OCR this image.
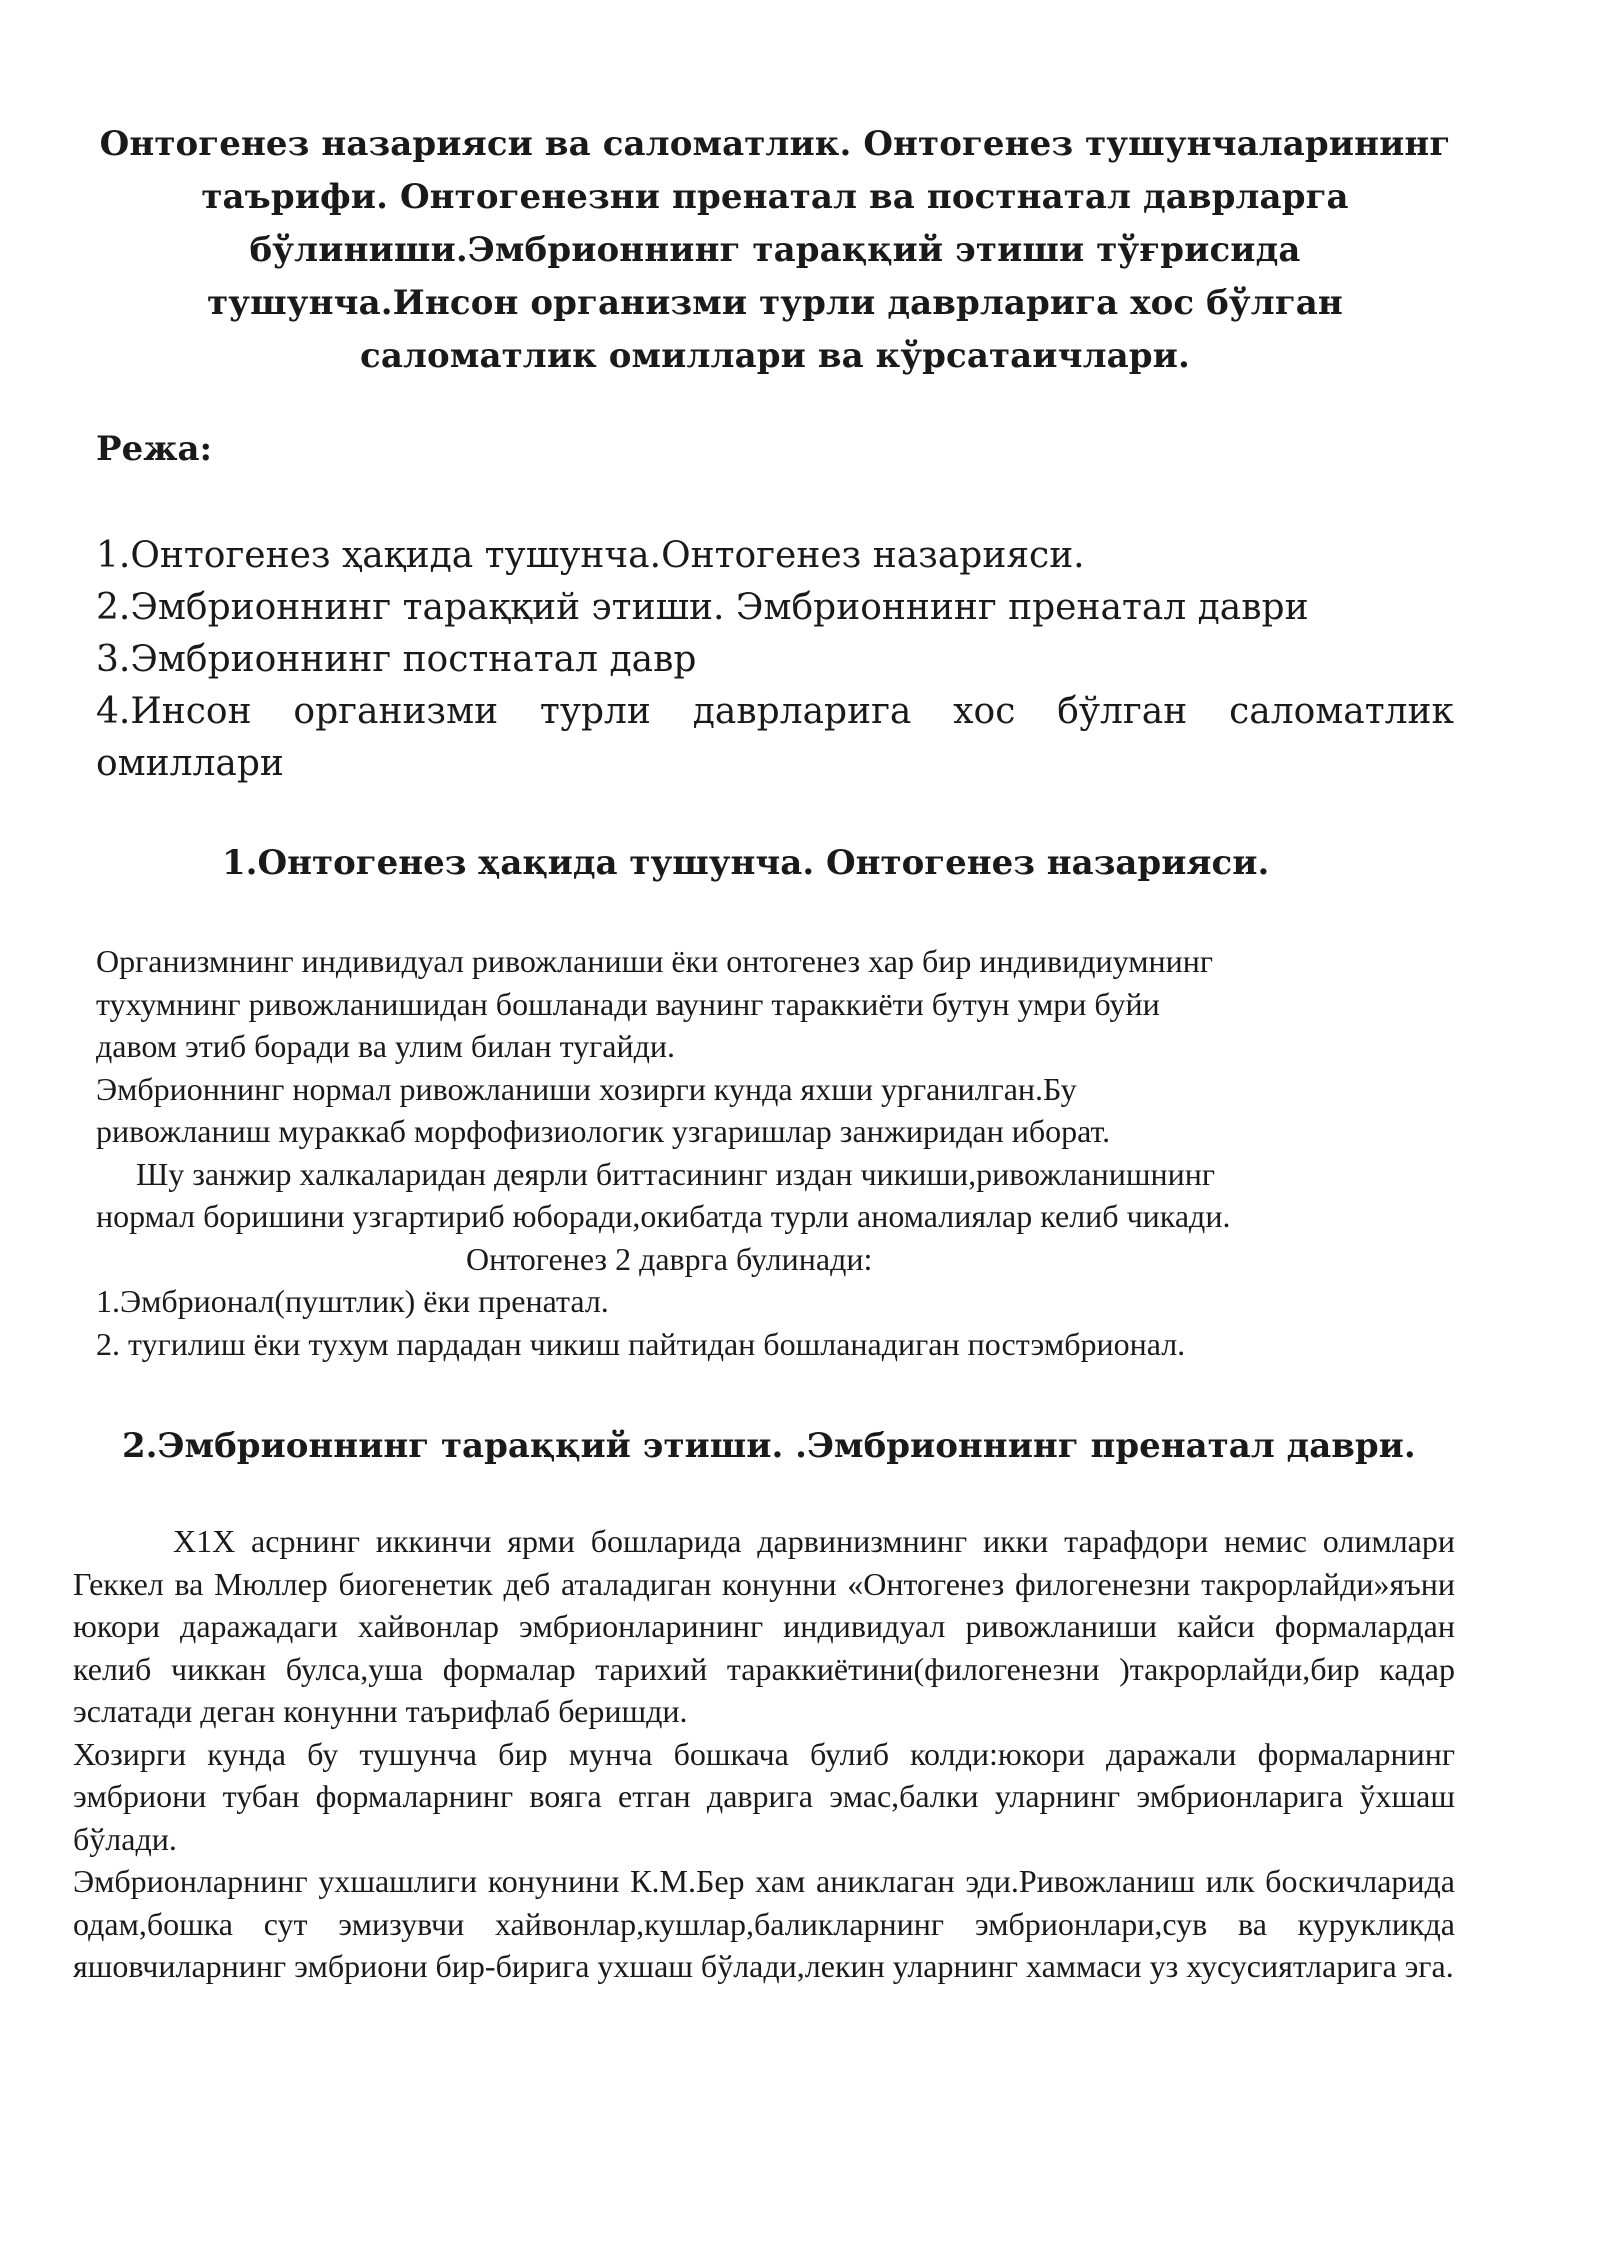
Онтогенез назарияси ва саломатлик. Онтогенез тушунчаларининг таърифи. Онтогенезни пренатал ва постнатал даврларга бўлиниши.Эмбрионнинг тараққий этиши тўғрисида тушунча.Инсон организми турли даврларига хос бўлган саломатлик омиллари ва кўрсатаичлари.
Режа:
1.Онтогенез ҳақида тушунча.Онтогенез назарияси.
2.Эмбрионнинг тараққий этиши. Эмбрионнинг пренатал даври
3.Эмбрионнинг постнатал давр
4.Инсон организми турли даврларига хос бўлган саломатлик омиллари
1.Онтогенез ҳақида тушунча. Онтогенез назарияси.

Организмнинг индивидуал ривожланиши ёки онтогенез хар бир индивидиумнинг

тухумнинг ривожланишидан бошланади ваунинг тараккиёти бутун умри буйи

давом этиб боради ва улим билан тугайди.

Эмбрионнинг нормал ривожланиши хозирги кунда яхши урганилган.Бу

ривожланиш мураккаб морфофизиологик узгаришлар занжиридан иборат.

Шу занжир халкаларидан деярли биттасининг издан чикиши,ривожланишнинг

нормал боришини узгартириб юборади,окибатда турли аномалиялар келиб чикади.

Онтогенез 2 даврга булинади:

1.Эмбрионал(пуштлик) ёки пренатал.

2. тугилиш ёки тухум пардадан чикиш пайтидан бошланадиган постэмбрионал.

2.Эмбрионнинг тараққий этиши. .Эмбрионнинг пренатал даври.

Х1Х асрнинг иккинчи ярми бошларида дарвинизмнинг икки тарафдори немис олимлари Геккел ва Мюллер биогенетик деб аталадиган конунни «Онтогенез филогенезни такрорлайди»яъни юкори даражадаги хайвонлар эмбрионларининг индивидуал ривожланиши кайси формалардан келиб чиккан булса,уша формалар тарихий тараккиётини(филогенезни )такрорлайди,бир кадар эслатади деган конунни таърифлаб беришди.

Хозирги кунда бу тушунча бир мунча бошкача булиб колди:юкори даражали формаларнинг эмбриони тубан формаларнинг вояга етган даврига эмас,балки уларнинг эмбрионларига ўхшаш бўлади.

Эмбрионларнинг ухшашлиги конунини К.М.Бер хам аниклаган эди.Ривожланиш илк боскичларида одам,бошка сут эмизувчи хайвонлар,кушлар,баликларнинг эмбрионлари,сув ва курукликда яшовчиларнинг эмбриони бир-бирига ухшаш бўлади,лекин уларнинг хаммаси уз хусусиятларига эга.
